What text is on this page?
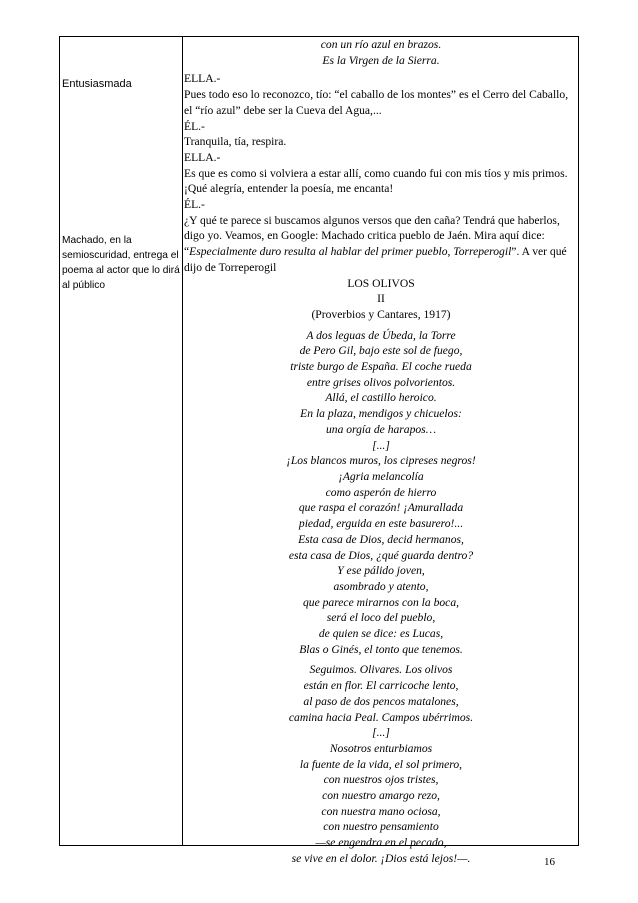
Entusiasmada
Machado, en la semioscuridad, entrega el poema al actor que lo dirá al público
con un río azul en brazos.
Es la Virgen de la Sierra.
ELLA.-
Pues todo eso lo reconozco, tío: “el caballo de los montes” es el Cerro del Caballo, el “río azul” debe ser la Cueva del Agua,...
ÉL.-
Tranquila, tía, respira.
ELLA.-
Es que es como si volviera a estar allí, como cuando fui con mis tíos y mis primos. ¡Qué alegría, entender la poesía, me encanta!
ÉL.-
¿Y qué te parece si buscamos algunos versos que den caña? Tendrá que haberlos, digo yo. Veamos, en Google: Machado critica pueblo de Jaén. Mira aquí dice: “Especialmente duro resulta al hablar del primer pueblo, Torreperogil”. A ver qué dijo de Torreperogil
LOS OLIVOS
II
(Proverbios y Cantares, 1917)
A dos leguas de Úbeda, la Torre
de Pero Gil, bajo este sol de fuego,
triste burgo de España. El coche rueda
entre grises olivos polvorientos.
Allá, el castillo heroico.
En la plaza, mendigos y chicuelos:
una orgía de harapos…
[...]
¡Los blancos muros, los cipreses negros!
¡Agria melancolía
como asperón de hierro
que raspa el corazón! ¡Amurallada
piedad, erguida en este basurero!...
Esta casa de Dios, decid hermanos,
esta casa de Dios, ¿qué guarda dentro?
Y ese pálido joven,
asombrado y atento,
que parece mirarnos con la boca,
será el loco del pueblo,
de quien se dice: es Lucas,
Blas o Ginés, el tonto que tenemos.
Seguimos. Olivares. Los olivos
están en flor. El carricoche lento,
al paso de dos pencos matalones,
camina hacia Peal. Campos ubérrimos.
[...]
Nosotros enturbiamos
la fuente de la vida, el sol primero,
con nuestros ojos tristes,
con nuestro amargo rezo,
con nuestra mano ociosa,
con nuestro pensamiento
—se engendra en el pecado,
se vive en el dolor. ¡Dios está lejos!—.	16
